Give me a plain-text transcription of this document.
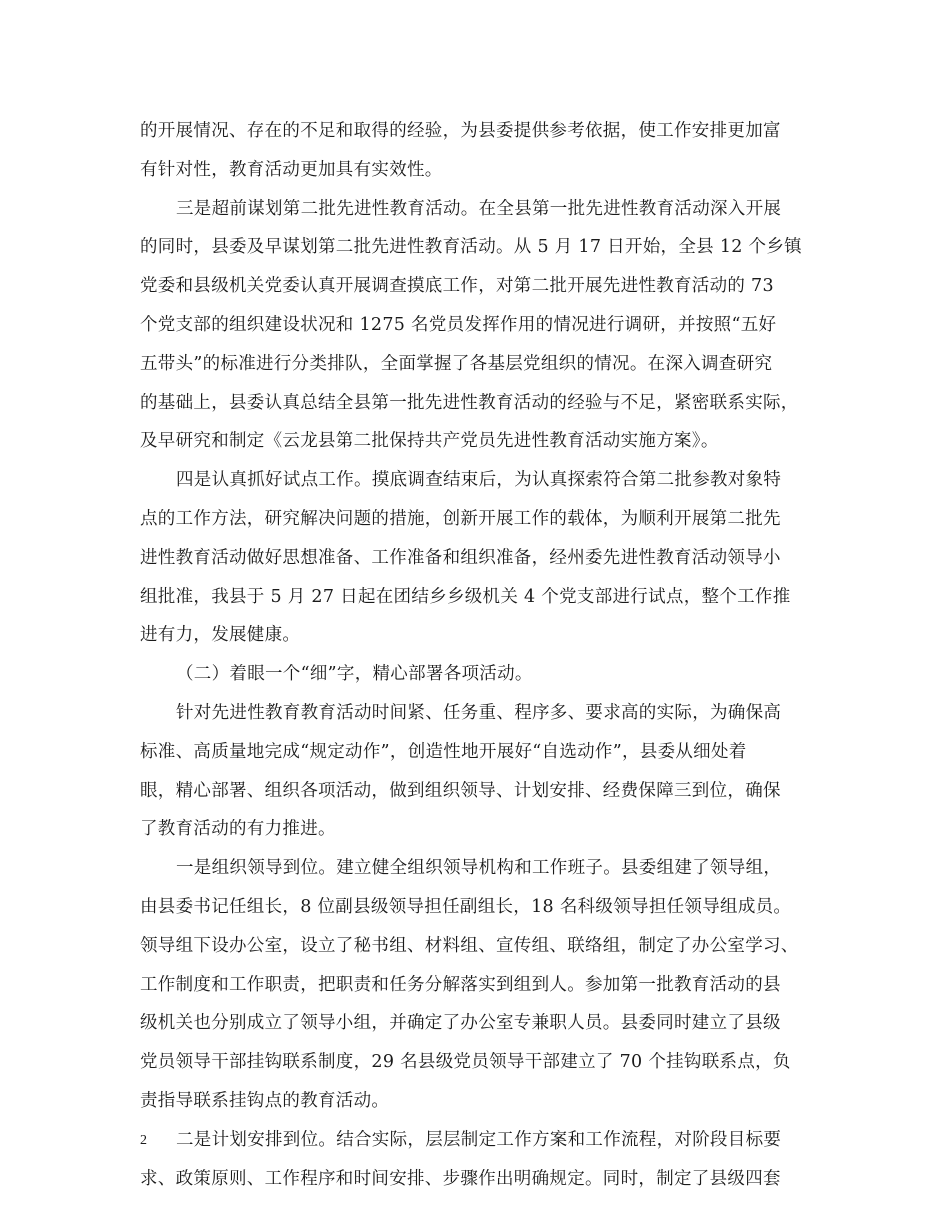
的开展情况、存在的不足和取得的经验，为县委提供参考依据，使工作安排更加富
有针对性，教育活动更加具有实效性。
三是超前谋划第二批先进性教育活动。在全县第一批先进性教育活动深入开展
的同时，县委及早谋划第二批先进性教育活动。从 5 月 17 日开始，全县 12 个乡镇
党委和县级机关党委认真开展调查摸底工作，对第二批开展先进性教育活动的 73
个党支部的组织建设状况和 1275 名党员发挥作用的情况进行调研，并按照“五好
五带头”的标准进行分类排队，全面掌握了各基层党组织的情况。在深入调查研究
的基础上，县委认真总结全县第一批先进性教育活动的经验与不足，紧密联系实际，
及早研究和制定《云龙县第二批保持共产党员先进性教育活动实施方案》。
四是认真抓好试点工作。摸底调查结束后，为认真探索符合第二批参教对象特
点的工作方法，研究解决问题的措施，创新开展工作的载体，为顺利开展第二批先
进性教育活动做好思想准备、工作准备和组织准备，经州委先进性教育活动领导小
组批准，我县于 5 月 27 日起在团结乡乡级机关 4 个党支部进行试点，整个工作推
进有力，发展健康。
（二）着眼一个“细”字，精心部署各项活动。
针对先进性教育教育活动时间紧、任务重、程序多、要求高的实际，为确保高
标准、高质量地完成“规定动作”，创造性地开展好“自选动作”，县委从细处着
眼，精心部署、组织各项活动，做到组织领导、计划安排、经费保障三到位，确保
了教育活动的有力推进。
一是组织领导到位。建立健全组织领导机构和工作班子。县委组建了领导组，
由县委书记任组长，8 位副县级领导担任副组长，18 名科级领导担任领导组成员。
领导组下设办公室，设立了秘书组、材料组、宣传组、联络组，制定了办公室学习、
工作制度和工作职责，把职责和任务分解落实到组到人。参加第一批教育活动的县
级机关也分别成立了领导小组，并确定了办公室专兼职人员。县委同时建立了县级
党员领导干部挂钩联系制度，29 名县级党员领导干部建立了 70 个挂钩联系点，负
责指导联系挂钩点的教育活动。
二是计划安排到位。结合实际，层层制定工作方案和工作流程，对阶段目标要
求、政策原则、工作程序和时间安排、步骤作出明确规定。同时，制定了县级四套
2
